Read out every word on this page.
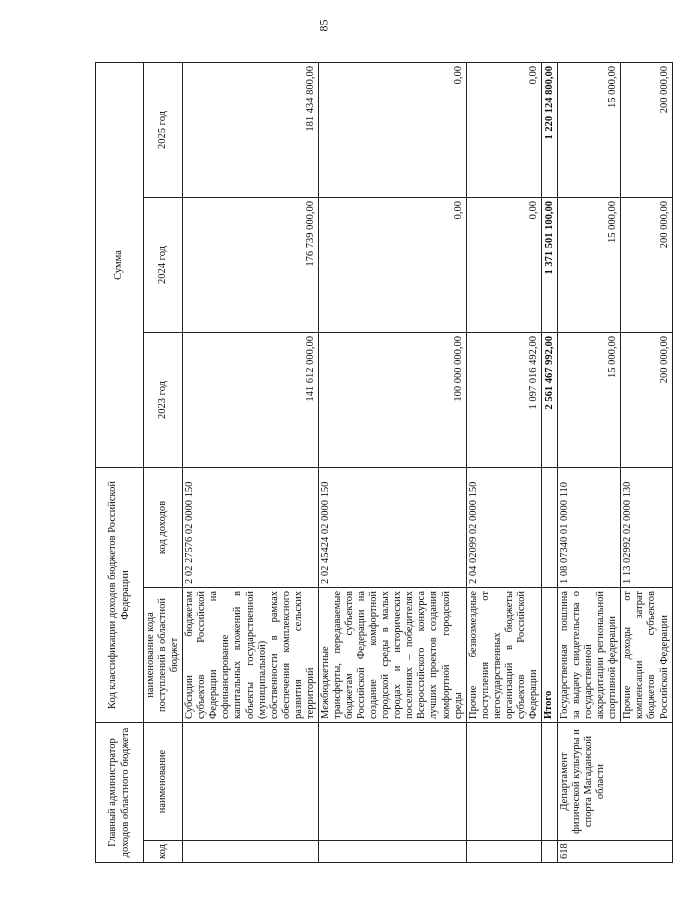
85
Главный администратор доходов областного бюджета		Код классификации доходов бюджетов Российской Федерации		Сумма		
код	наименование	наименование кода поступлений в областной бюджет	код доходов	2023 год	2024 год	2025 год
		Субсидии бюджетам субъектов Российской Федерации на софинансирование капитальных вложений в объекты государственной (муниципальной) собственности в рамках обеспечения комплексного развития сельских территорий	2 02 27576 02 0000 150	141 612 000,00	176 739 000,00	181 434 800,00
		Межбюджетные трансферты, передаваемые бюджетам субъектов Российской Федерации на создание комфортной городской среды в малых городах и исторических поселениях – победителях Всероссийского конкурса лучших проектов создания комфортной городской среды	2 02 45424 02 0000 150	100 000 000,00	0,00	0,00
		Прочие безвозмездные поступления от негосударственных организаций в бюджеты субъектов Российской Федерации	2 04 02099 02 0000 150	1 097 016 492,00	0,00	0,00
		Итого		2 561 467 992,00	1 371 501 100,00	1 220 124 800,00
618	Департамент физической культуры и спорта Магаданской области	Государственная пошлина за выдачу свидетельства о государственной аккредитации региональной спортивной федерации	1 08 07340 01 0000 110	15 000,00	15 000,00	15 000,00
		Прочие доходы от компенсации затрат бюджетов субъектов Российской Федерации	1 13 02992 02 0000 130	200 000,00	200 000,00	200 000,00
